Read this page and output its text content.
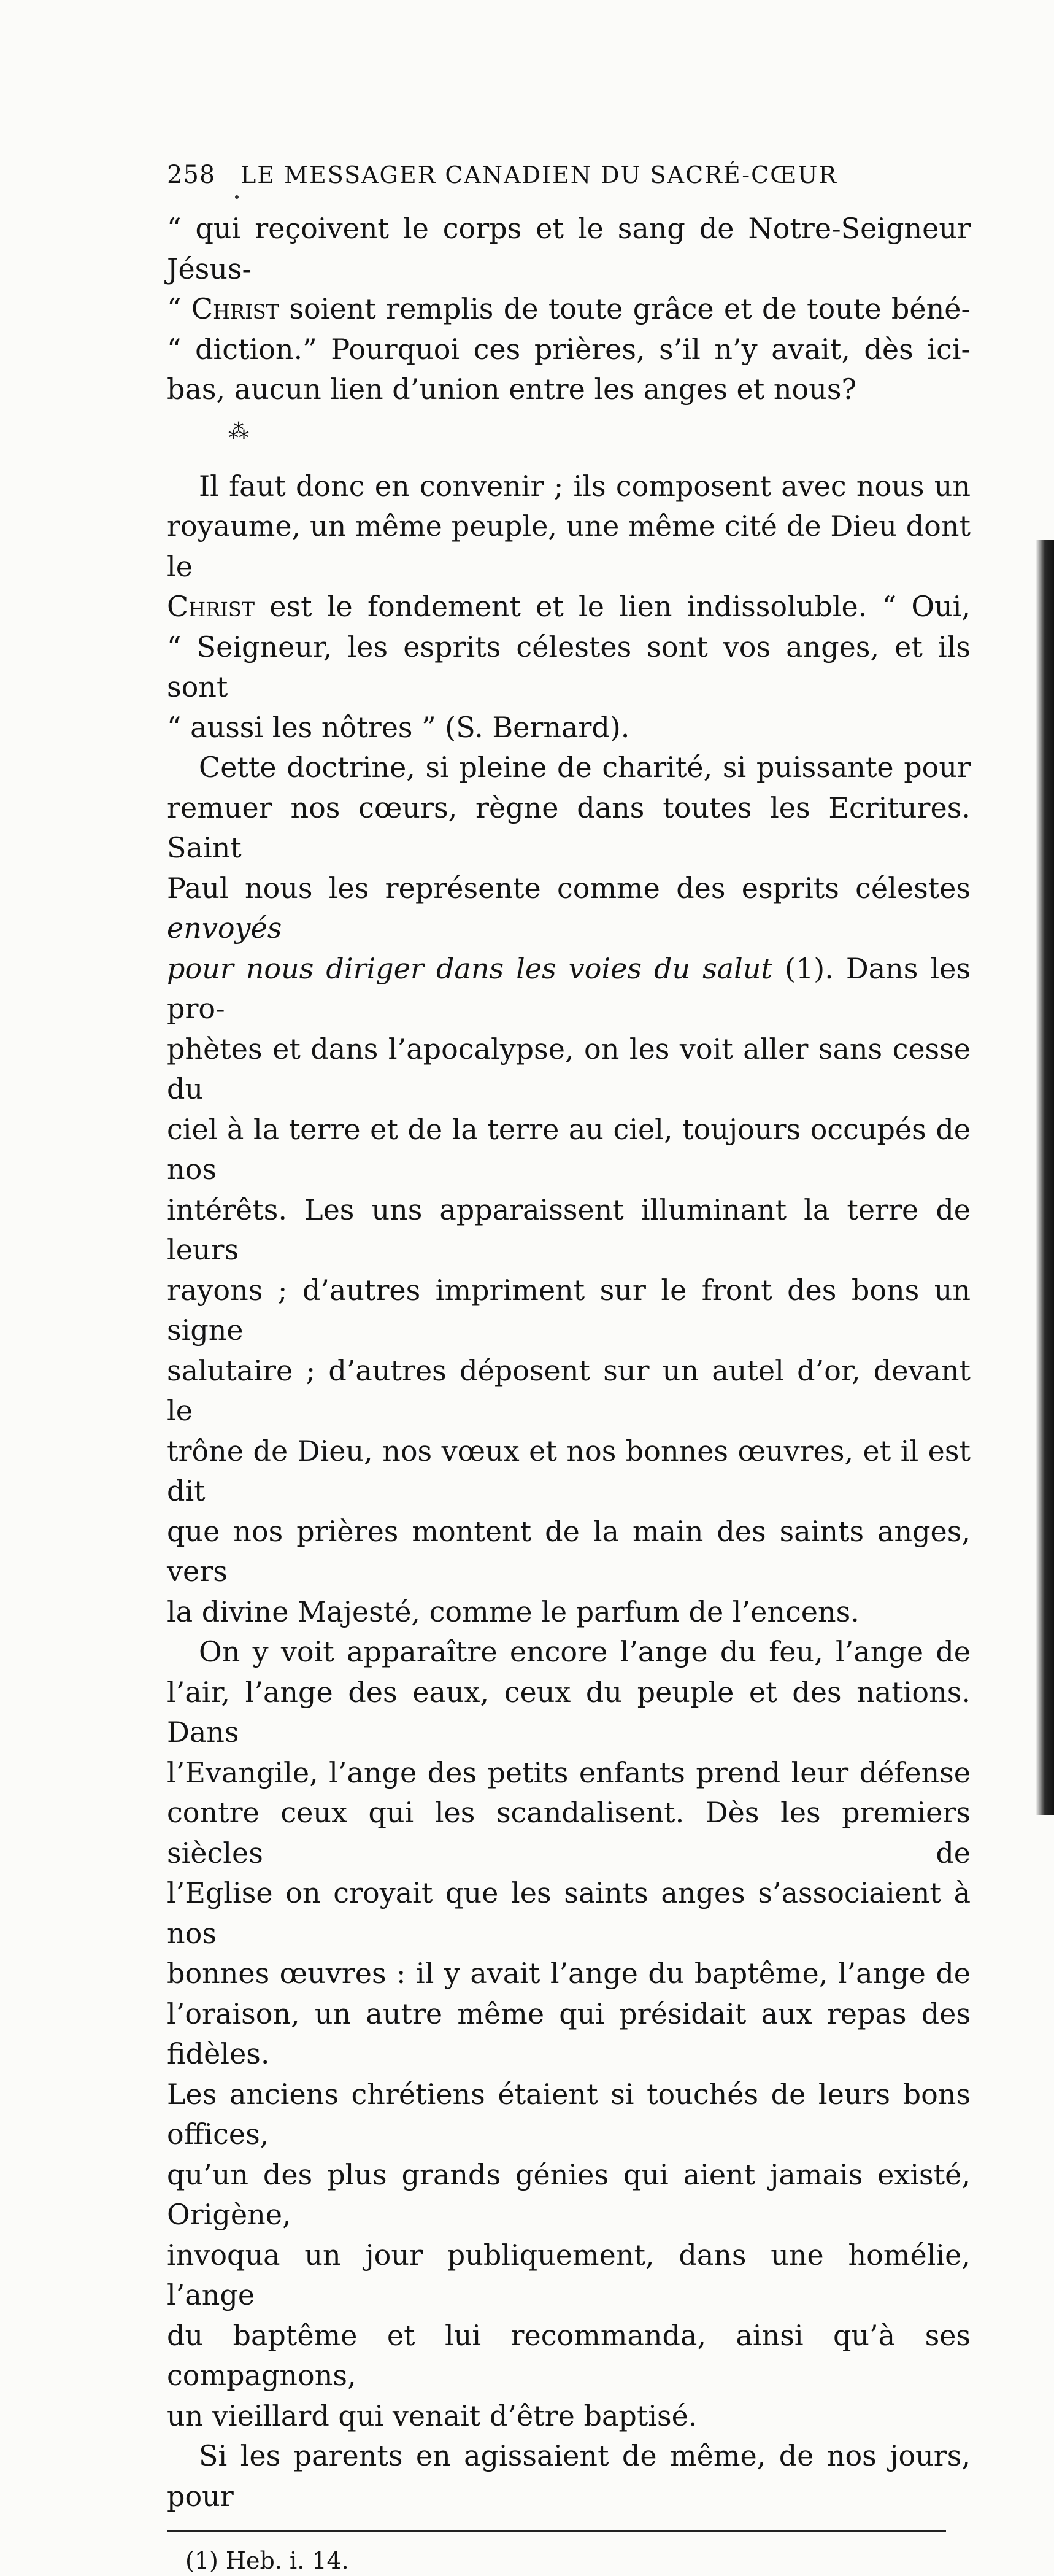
258	LE MESSAGER CANADIEN DU SACRÉ-CŒUR

“ qui reçoivent le corps et le sang de Notre-Seigneur Jésus-

“ Christ soient remplis de toute grâce et de toute béné-

“ diction.” Pourquoi ces prières, s’il n’y avait, dès ici-

bas, aucun lien d’union entre les anges et nous?

⁂

Il faut donc en convenir ; ils composent avec nous un

royaume, un même peuple, une même cité de Dieu dont le

Christ est le fondement et le lien indissoluble. “ Oui,

“ Seigneur, les esprits célestes sont vos anges, et ils sont

“ aussi les nôtres ” (S. Bernard).

Cette doctrine, si pleine de charité, si puissante pour

remuer nos cœurs, règne dans toutes les Ecritures. Saint

Paul nous les représente comme des esprits célestes envoyés

pour nous diriger dans les voies du salut (1). Dans les pro-

phètes et dans l’apocalypse, on les voit aller sans cesse du

ciel à la terre et de la terre au ciel, toujours occupés de nos

intérêts. Les uns apparaissent illuminant la terre de leurs

rayons ; d’autres impriment sur le front des bons un signe

salutaire ; d’autres déposent sur un autel d’or, devant le

trône de Dieu, nos vœux et nos bonnes œuvres, et il est dit

que nos prières montent de la main des saints anges, vers

la divine Majesté, comme le parfum de l’encens.

On y voit apparaître encore l’ange du feu, l’ange de

l’air, l’ange des eaux, ceux du peuple et des nations. Dans

l’Evangile, l’ange des petits enfants prend leur défense

contre ceux qui les scandalisent. Dès les premiers siècles de

l’Eglise on croyait que les saints anges s’associaient à nos

bonnes œuvres : il y avait l’ange du baptême, l’ange de

l’oraison, un autre même qui présidait aux repas des fidèles.

Les anciens chrétiens étaient si touchés de leurs bons offices,

qu’un des plus grands génies qui aient jamais existé, Origène,

invoqua un jour publiquement, dans une homélie, l’ange

du baptême et lui recommanda, ainsi qu’à ses compagnons,

un vieillard qui venait d’être baptisé.

Si les parents en agissaient de même, de nos jours, pour

(1) Heb. i. 14.
